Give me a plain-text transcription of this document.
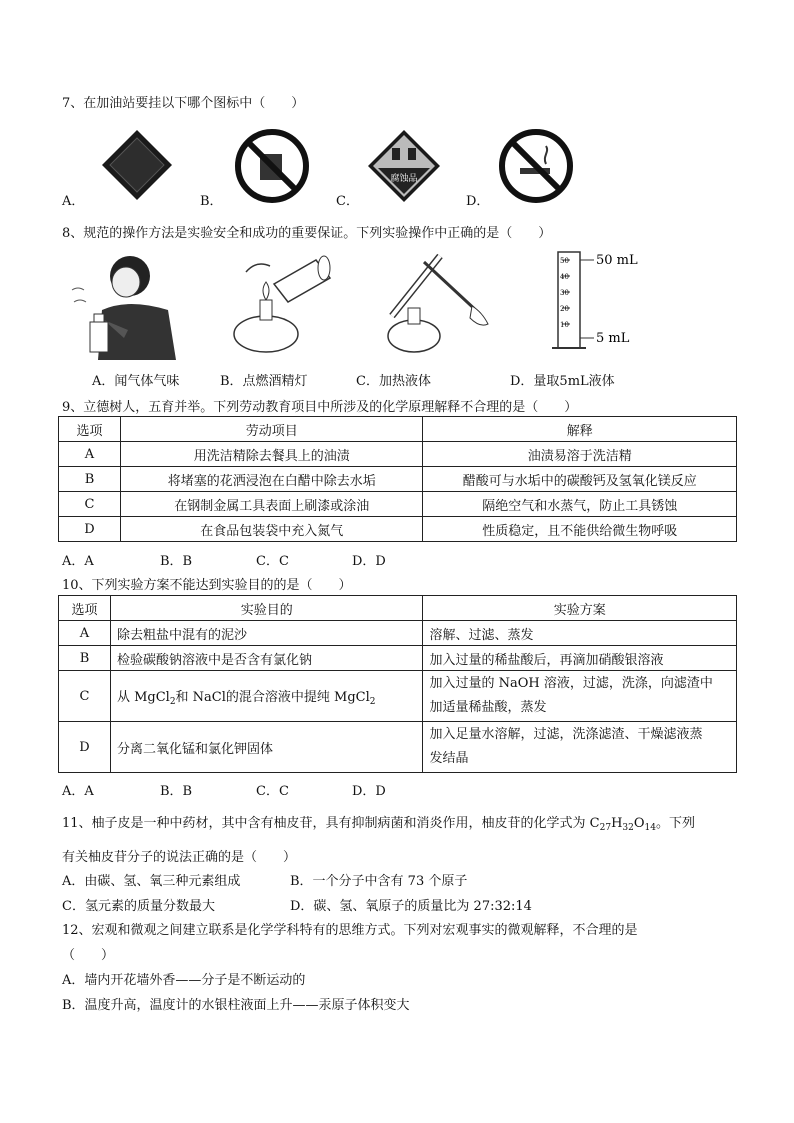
7、在加油站要挂以下哪个图标中（　　）
腐蚀品
A．	B．	C．	D．
8、规范的操作方法是实验安全和成功的重要保证。下列实验操作中正确的是（　　）
50
40
30
20
10
50 mL
5 mL
A．闻气体气味	B．点燃酒精灯	C．加热液体	D．量取5mL液体
9、立德树人，五育并举。下列劳动教育项目中所涉及的化学原理解释不合理的是（　　）
选项	劳动项目	解释
A	用洗洁精除去餐具上的油渍	油渍易溶于洗洁精
B	将堵塞的花洒浸泡在白醋中除去水垢	醋酸可与水垢中的碳酸钙及氢氧化镁反应
C	在钢制金属工具表面上刷漆或涂油	隔绝空气和水蒸气，防止工具锈蚀
D	在食品包装袋中充入氮气	性质稳定，且不能供给微生物呼吸
A．A	B．B	C．C	D．D
10、下列实验方案不能达到实验目的的是（　　）
选项	实验目的	实验方案
A	除去粗盐中混有的泥沙	溶解、过滤、蒸发
B	检验碳酸钠溶液中是否含有氯化钠	加入过量的稀盐酸后，再滴加硝酸银溶液
C	从 MgCl$_2$和 NaCl的混合溶液中提纯 MgCl$_2$	加入过量的 NaOH 溶液，过滤，洗涤，向滤渣中
加适量稀盐酸，蒸发

D	分离二氧化锰和氯化钾固体	加入足量水溶解，过滤，洗涤滤渣、干燥滤液蒸
发结晶
A．A	B．B	C．C	D．D
11、柚子皮是一种中药材，其中含有柚皮苷，具有抑制病菌和消炎作用，柚皮苷的化学式为 $C_{27}H_{32}O_{14}$。下列
有关柚皮苷分子的说法正确的是（　　）
A．由碳、氢、氧三种元素组成	B．一个分子中含有 73 个原子
C．氢元素的质量分数最大	D．碳、氢、氧原子的质量比为 27:32:14
12、宏观和微观之间建立联系是化学学科特有的思维方式。下列对宏观事实的微观解释，不合理的是
（　　）
A．墙内开花墙外香——分子是不断运动的
B．温度升高，温度计的水银柱液面上升——汞原子体积变大
